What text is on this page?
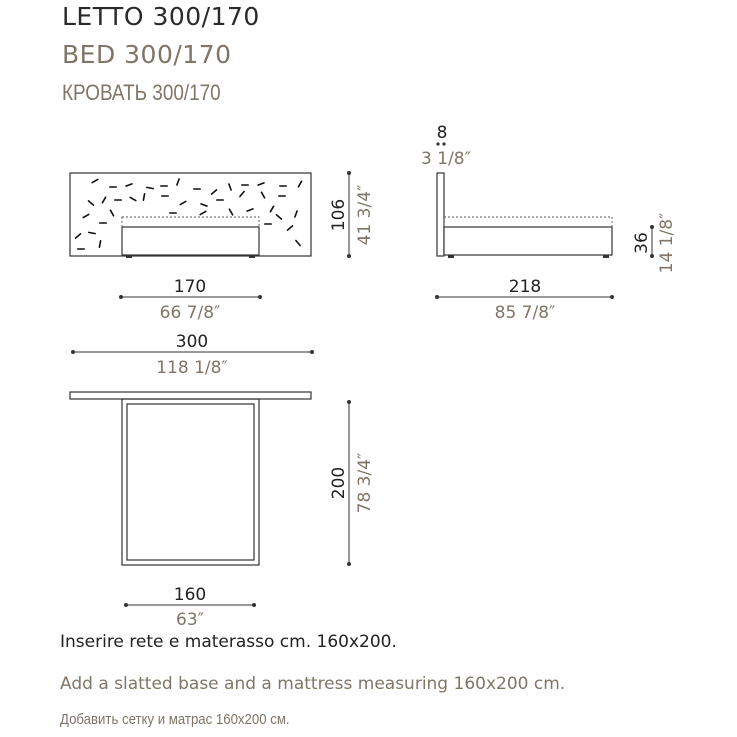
LETTO 300/170

BED 300/170

КРОВАТЬ 300/170

170
66 7/8″
106 41 3/4″
8
3 1/8″
218
85 7/8″
36 14 1/8″
300
118 1/8″
200 78 3/4″
160
63″

Inserire rete e materasso cm. 160x200.

Add a slatted base and a mattress measuring 160x200 cm.

Добавить сетку и матрас 160x200 см.
